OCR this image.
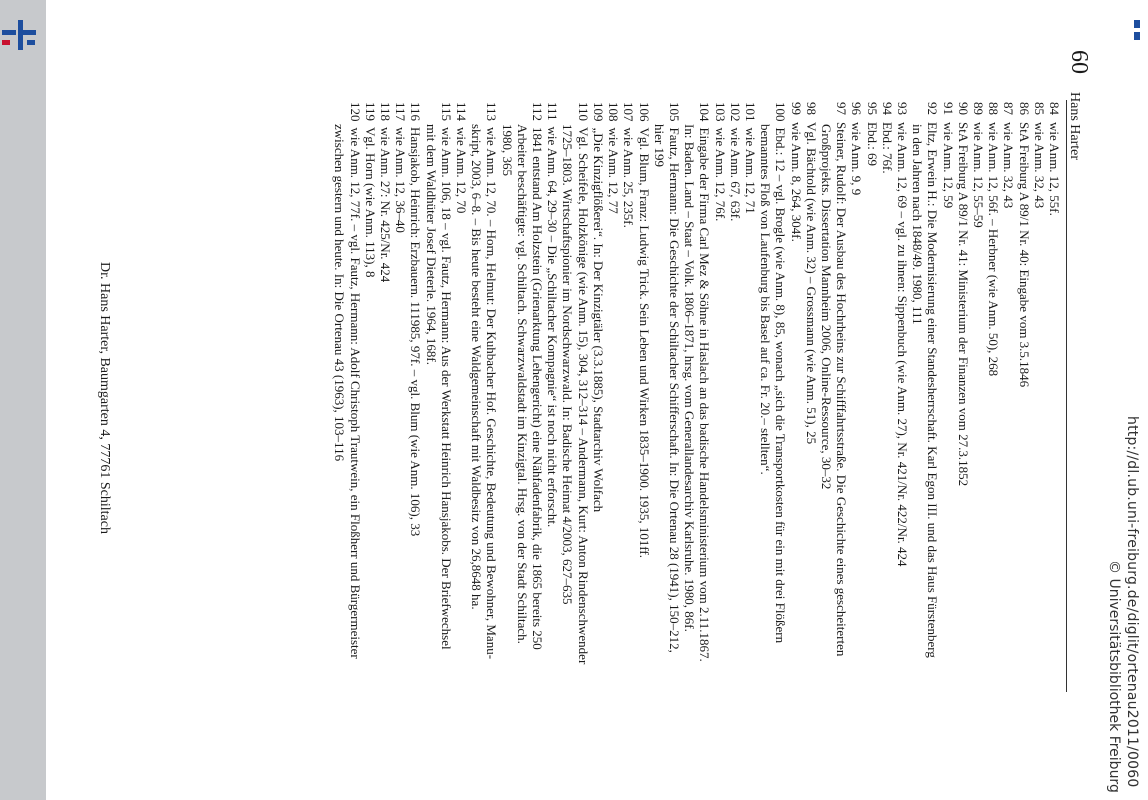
http://dl.ub.uni-freiburg.de/diglit/ortenau2011/0060
© Universitätsbibliothek Freiburg
60
Hans Harter
84wie Anm. 12, 55f.
85wie Anm. 32, 43
86StA Freiburg A 89/1 Nr. 40: Eingabe vom 3.5.1846
87wie Anm. 32, 43
88wie Anm. 12, 56f. – Herbner (wie Anm. 50), 268
89wie Anm. 12, 55–59
90StA Freiburg A 89/1 Nr. 41: Ministerium der Finanzen vom 27.3.1852
91wie Anm. 12, 59
92Eltz, Erwein H.: Die Modernisierung einer Standesherrschaft. Karl Egon III. und das Haus Fürstenberg
in den Jahren nach 1848/49. 1980, 111
93wie Anm. 12, 69 – vgl. zu ihnen: Sippenbuch (wie Anm. 27), Nr. 421/Nr. 422/Nr. 424
94Ebd.: 76f.
95Ebd.: 69
96wie Anm. 9, 9
97Steiner, Rudolf: Der Ausbau des Hochrheins zur Schifffahrtsstraße. Die Geschichte eines gescheiterten
Großprojekts. Dissertation Mannheim 2006, Online-Ressource, 30–32
98Vgl. Bächtold (wie Anm. 32) – Grossmann (wie Anm. 51), 25
99wie Anm. 8, 264, 304f.
100Ebd.: 12 – vgl. Brogle (wie Anm. 8), 85, wonach „sich die Transportkosten für ein mit drei Flößern
bemanntes Floß von Laufenburg bis Basel auf ca. Fr. 20.– stellten“.
101wie Anm. 12, 71
102wie Anm. 67, 63f.
103wie Anm. 12, 76f.
104Eingabe der Firma Carl Mez & Söhne in Haslach an das badische Handelsministerium vom 2.11.1867.
In: Baden. Land – Staat – Volk. 1806–1871, hrsg. vom Generallandesarchiv Karlsruhe. 1980, 86f.
105Fautz, Hermann: Die Geschichte der Schiltacher Schifferschaft. In: Die Ortenau 28 (1941), 150–212,
hier 199
106Vgl. Blum, Franz: Ludwig Trick. Sein Leben und Wirken 1835–1900. 1935, 101ff.
107wie Anm. 25, 235f.
108wie Anm. 12, 77
109„Die Kinzigflößerei“. In: Der Kinzigtäler (3.3.1885), Stadtarchiv Wolfach
110Vgl. Scheifele, Holzkönige (wie Anm. 15), 304, 312–314 – Andermann, Kurt: Anton Rindenschwender
1725–1803. Wirtschaftspionier im Nordschwarzwald. In: Badische Heimat 4/2003, 627–635
111wie Anm. 64, 29–30 – Die „Schiltacher Kompagnie“ ist noch nicht erforscht.
1121841 entstand Am Holzstein (Grienarktung Lehengericht) eine Nähfadenfabrik, die 1865 bereits 250
Arbeiter beschäftigte: vgl. Schiltach. Schwarzwaldstadt im Kinzigtal. Hrsg. von der Stadt Schiltach.
1980, 365
113wie Anm. 12, 70. – Horn, Helmut: Der Kuhbacher Hof. Geschichte, Bedeutung und Bewohner, Manu-
skript, 2003, 6–8. – Bis heute besteht eine Waldgemeinschaft mit Waldbesitz von 26,8648 ha.
114wie Anm. 12, 70
115wie Anm. 106, 18 – vgl. Fautz, Hermann: Aus der Werkstatt Heinrich Hansjakobs. Der Briefwechsel
mit dem Waldhüter Josef Dieterle. 1964, 168f.
116Hansjakob, Heinrich: Erzbauern. 111985, 97f. – vgl. Blum (wie Anm. 106), 33
117wie Anm. 12, 36–40
118wie Anm. 27: Nr. 425/Nr. 424
119Vgl. Horn (wie Anm. 113), 8
120wie Anm. 12, 77f. – vgl. Fautz, Hermann: Adolf Christoph Trautwein, ein Floßherr und Bürgermeister
zwischen gestern und heute. In: Die Ortenau 43 (1963), 103–116
Dr. Hans Harter, Baumgarten 4, 77761 Schiltach
